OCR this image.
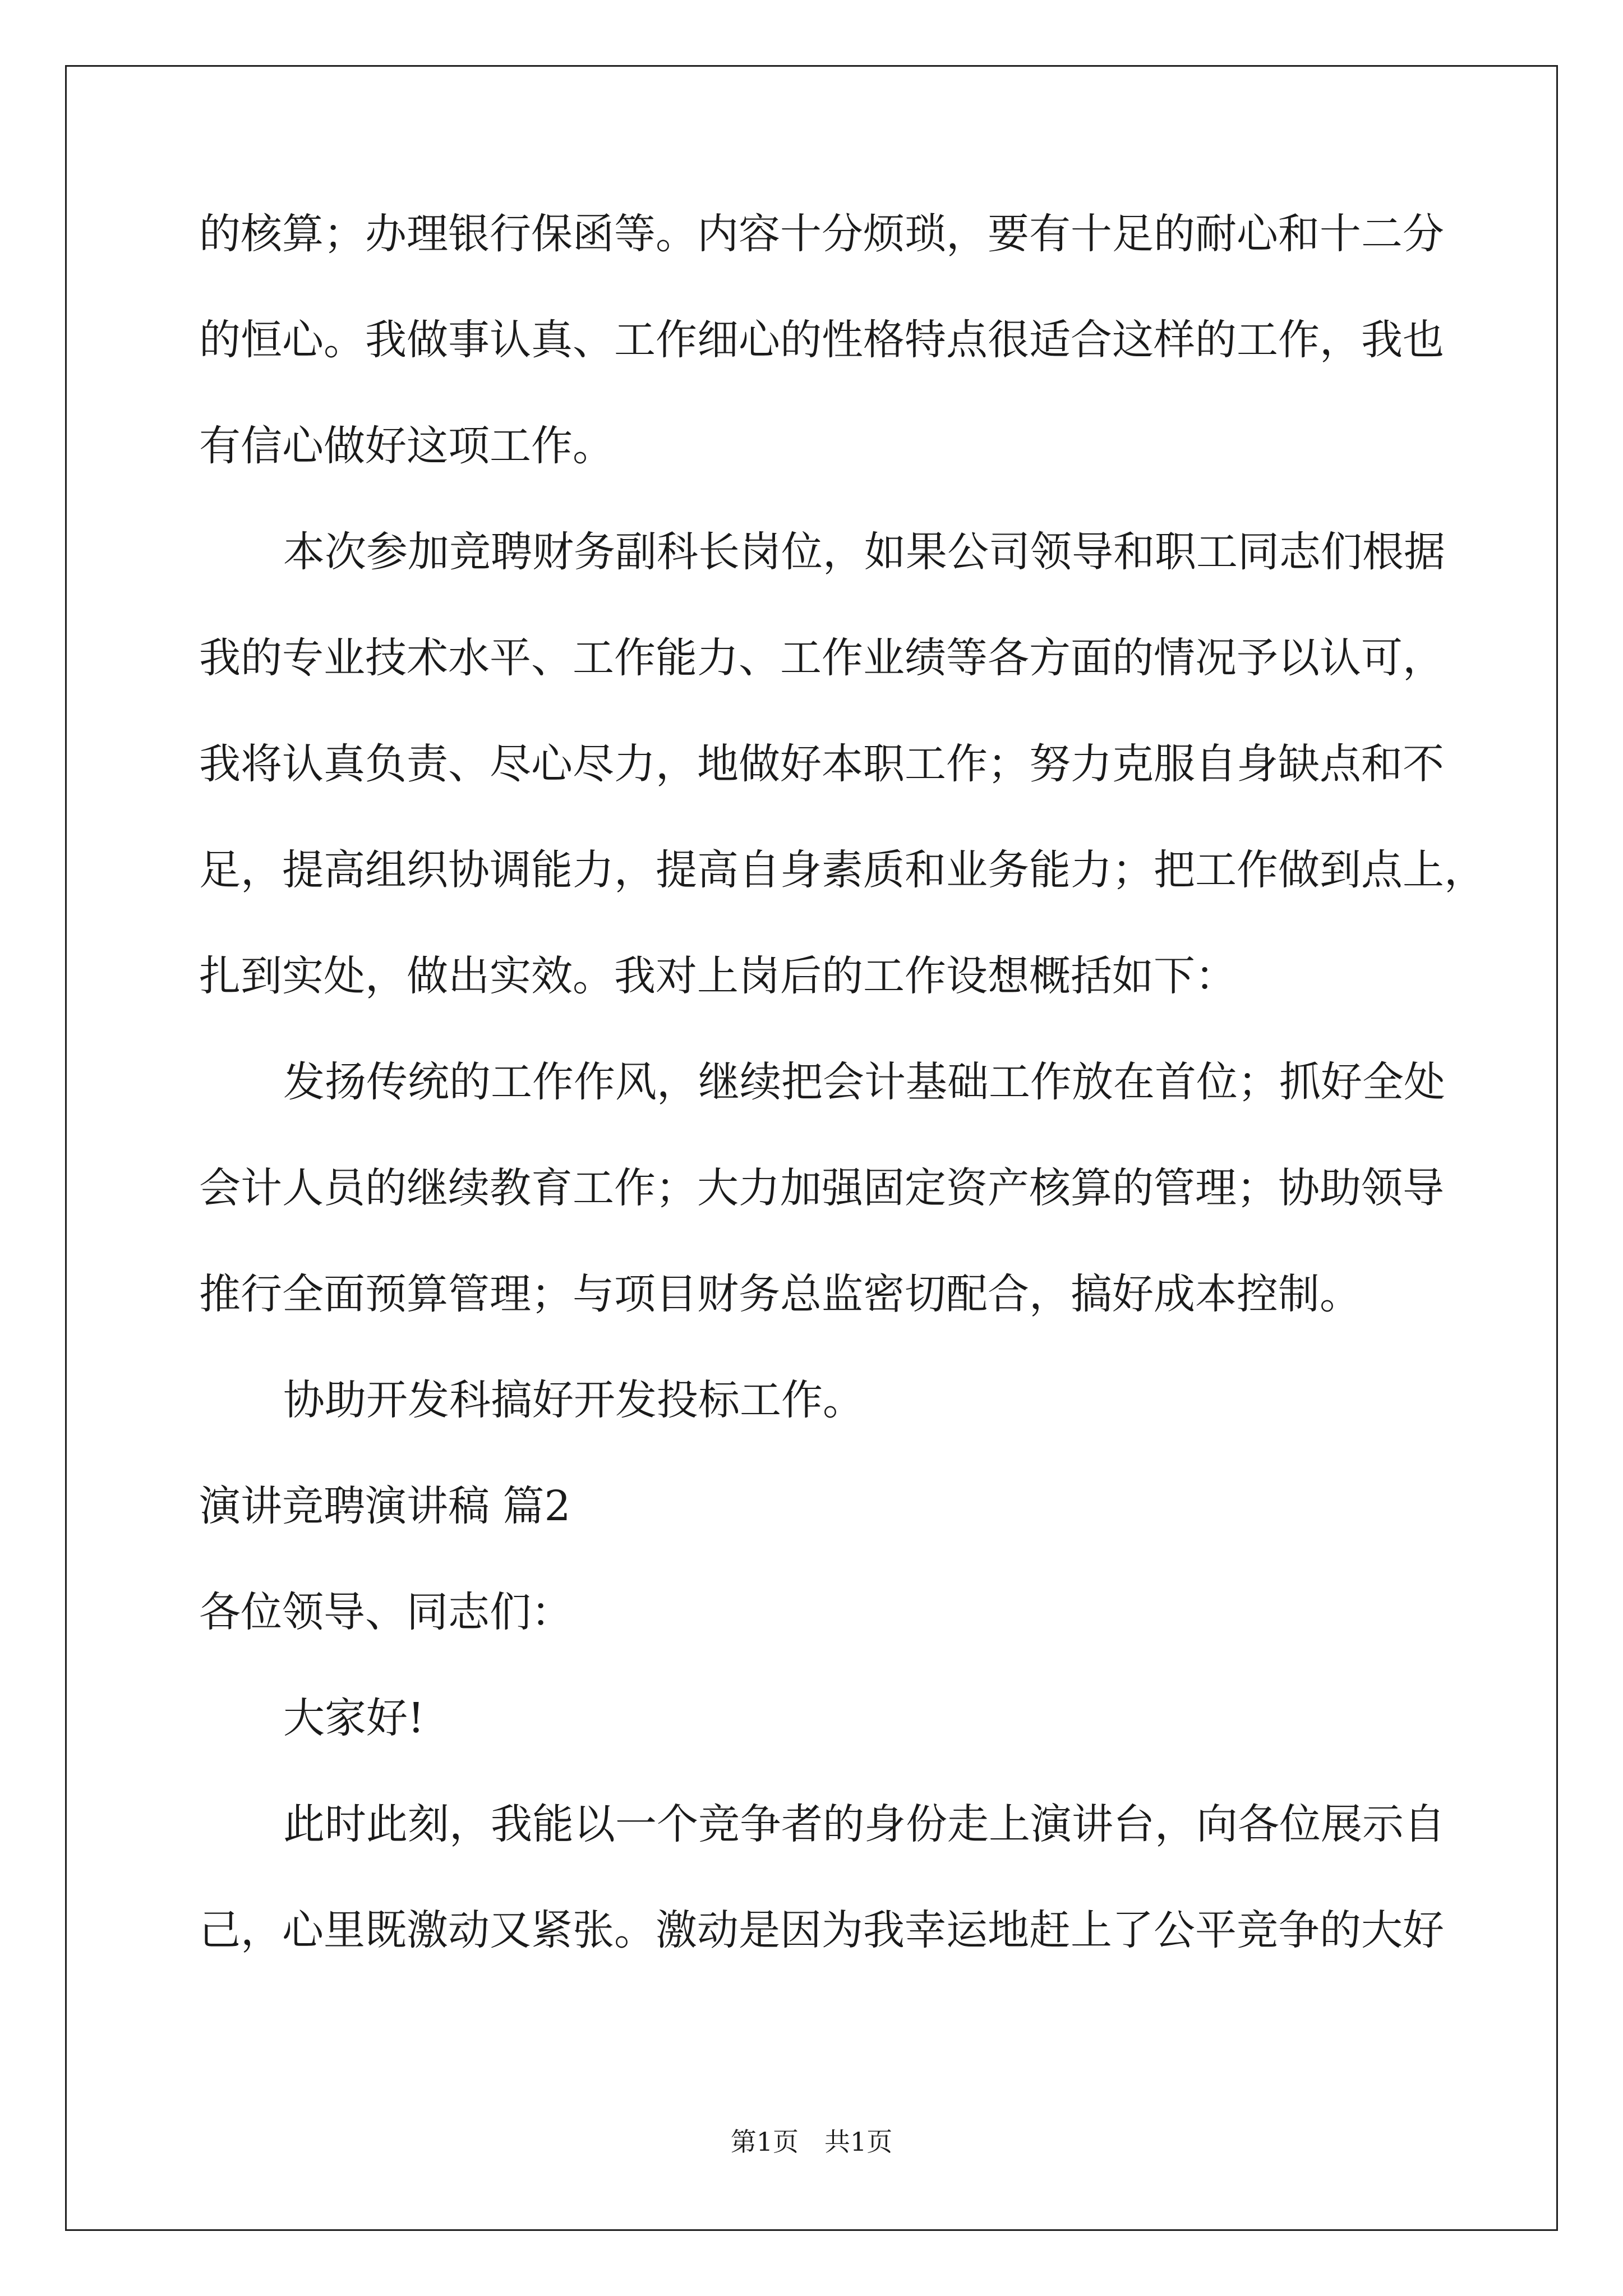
的核算；办理银行保函等。内容十分烦琐，要有十足的耐心和十二分
的恒心。我做事认真、工作细心的性格特点很适合这样的工作，我也
有信心做好这项工作。
本次参加竞聘财务副科长岗位，如果公司领导和职工同志们根据
我的专业技术水平、工作能力、工作业绩等各方面的情况予以认可，
我将认真负责、尽心尽力，地做好本职工作；努力克服自身缺点和不
足，提高组织协调能力，提高自身素质和业务能力；把工作做到点上，
扎到实处，做出实效。我对上岗后的工作设想概括如下：
发扬传统的工作作风，继续把会计基础工作放在首位；抓好全处
会计人员的继续教育工作；大力加强固定资产核算的管理；协助领导
推行全面预算管理；与项目财务总监密切配合，搞好成本控制。
协助开发科搞好开发投标工作。
演讲竞聘演讲稿 篇2
各位领导、同志们：
大家好!
此时此刻，我能以一个竞争者的身份走上演讲台，向各位展示自
己，心里既激动又紧张。激动是因为我幸运地赶上了公平竞争的大好
第1页　共1页
